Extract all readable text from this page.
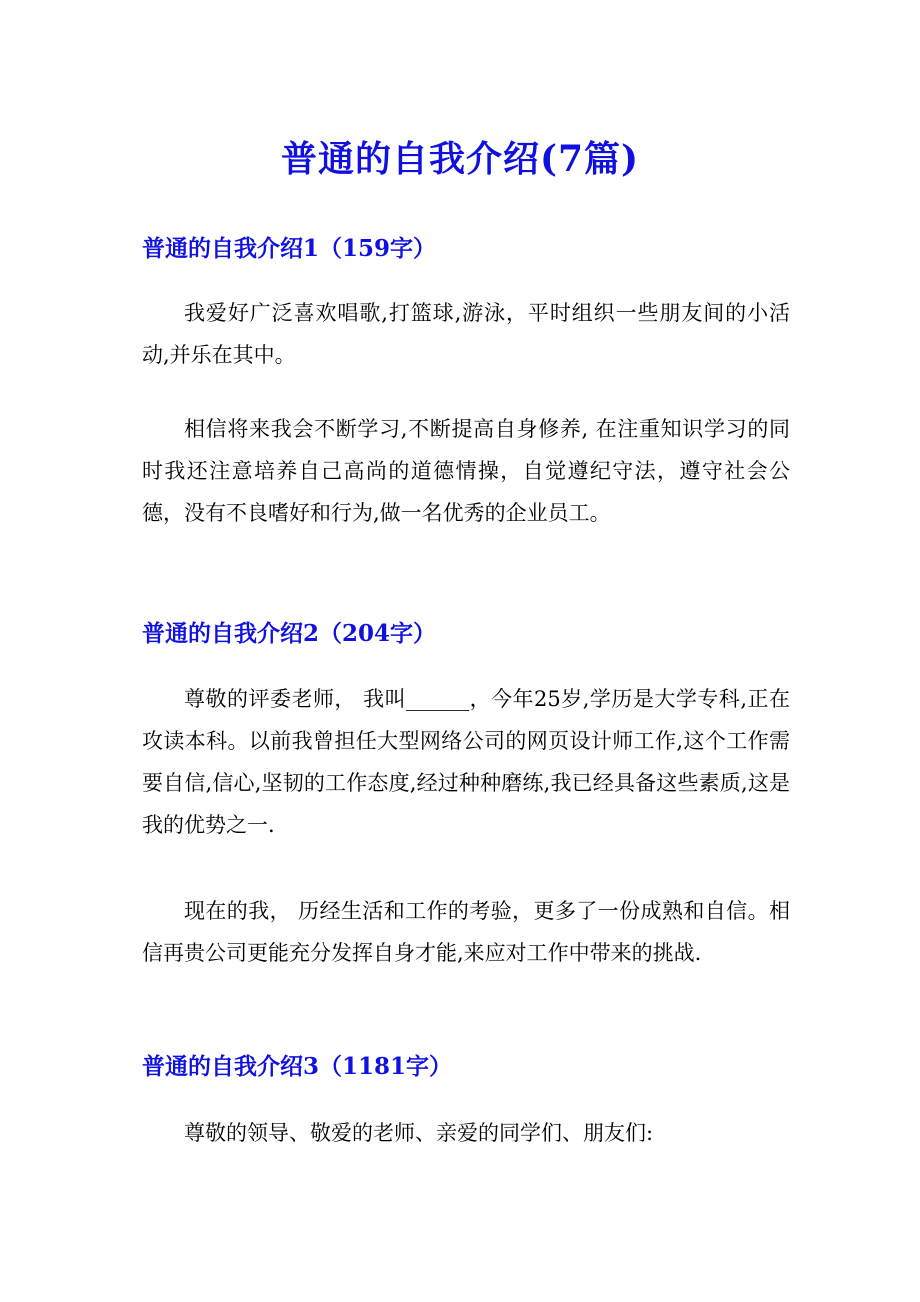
普通的自我介绍(7篇)
普通的自我介绍1（159字）

我爱好广泛喜欢唱歌,打篮球,游泳，平时组织一些朋友间的小活动,并乐在其中。

相信将来我会不断学习,不断提高自身修养, 在注重知识学习的同时我还注意培养自己高尚的道德情操，自觉遵纪守法，遵守社会公德，没有不良嗜好和行为,做一名优秀的企业员工。

普通的自我介绍2（204字）

尊敬的评委老师， 我叫______，今年25岁,学历是大学专科,正在攻读本科。以前我曾担任大型网络公司的网页设计师工作,这个工作需要自信,信心,坚韧的工作态度,经过种种磨练,我已经具备这些素质,这是我的优势之一.

现在的我， 历经生活和工作的考验，更多了一份成熟和自信。相信再贵公司更能充分发挥自身才能,来应对工作中带来的挑战.

普通的自我介绍3（1181字）

尊敬的领导、敬爱的老师、亲爱的同学们、朋友们:
